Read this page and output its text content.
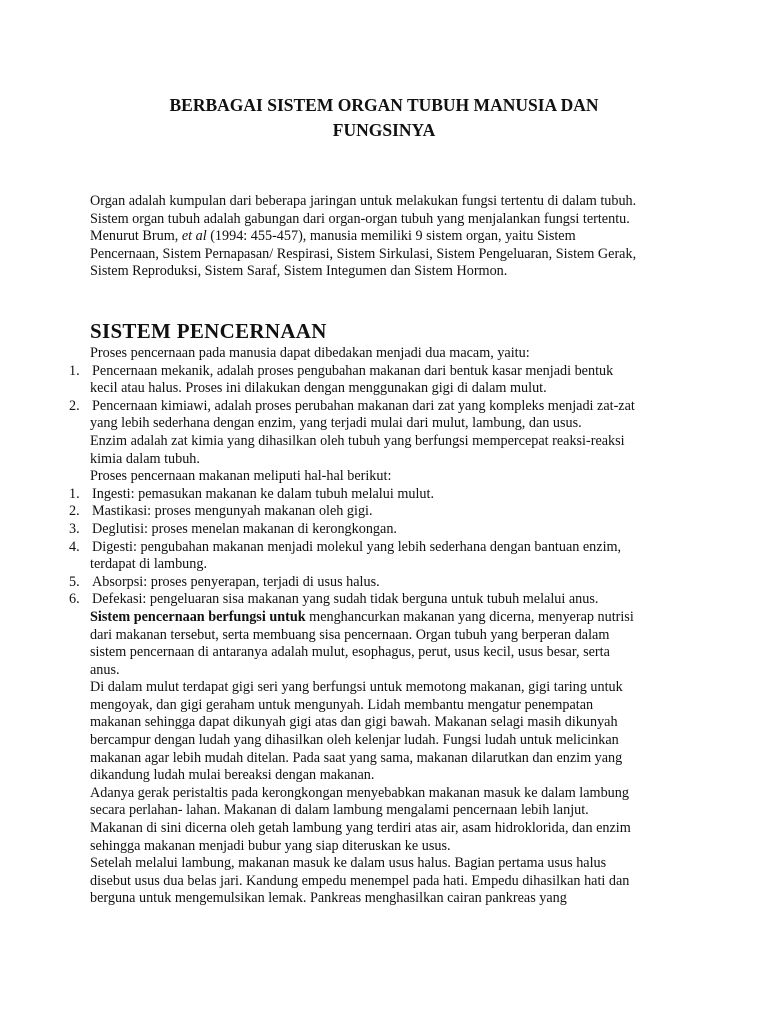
BERBAGAI SISTEM ORGAN TUBUH MANUSIA DAN
FUNGSINYA
Organ adalah kumpulan dari beberapa jaringan untuk melakukan fungsi tertentu di dalam tubuh.
Sistem organ tubuh adalah gabungan dari organ-organ tubuh yang menjalankan fungsi tertentu.
Menurut Brum, et al (1994: 455-457), manusia memiliki 9 sistem organ, yaitu Sistem
Pencernaan, Sistem Pernapasan/ Respirasi, Sistem Sirkulasi, Sistem Pengeluaran, Sistem Gerak,
Sistem Reproduksi, Sistem Saraf, Sistem Integumen dan Sistem Hormon.
SISTEM PENCERNAAN
Proses pencernaan pada manusia dapat dibedakan menjadi dua macam, yaitu:
1. Pencernaan mekanik, adalah proses pengubahan makanan dari bentuk kasar menjadi bentuk
kecil atau halus. Proses ini dilakukan dengan menggunakan gigi di dalam mulut.
2. Pencernaan kimiawi, adalah proses perubahan makanan dari zat yang kompleks menjadi zat-zat
yang lebih sederhana dengan enzim, yang terjadi mulai dari mulut, lambung, dan usus.
Enzim adalah zat kimia yang dihasilkan oleh tubuh yang berfungsi mempercepat reaksi-reaksi
kimia dalam tubuh.
Proses pencernaan makanan meliputi hal-hal berikut:
1. Ingesti: pemasukan makanan ke dalam tubuh melalui mulut.
2. Mastikasi: proses mengunyah makanan oleh gigi.
3. Deglutisi: proses menelan makanan di kerongkongan.
4. Digesti: pengubahan makanan menjadi molekul yang lebih sederhana dengan bantuan enzim,
terdapat di lambung.
5. Absorpsi: proses penyerapan, terjadi di usus halus.
6. Defekasi: pengeluaran sisa makanan yang sudah tidak berguna untuk tubuh melalui anus.
Sistem pencernaan berfungsi untuk menghancurkan makanan yang dicerna, menyerap nutrisi
dari makanan tersebut, serta membuang sisa pencernaan. Organ tubuh yang berperan dalam
sistem pencernaan di antaranya adalah mulut, esophagus, perut, usus kecil, usus besar, serta
anus.
Di dalam mulut terdapat gigi seri yang berfungsi untuk memotong makanan, gigi taring untuk
mengoyak, dan gigi geraham untuk mengunyah. Lidah membantu mengatur penempatan
makanan sehingga dapat dikunyah gigi atas dan gigi bawah. Makanan selagi masih dikunyah
bercampur dengan ludah yang dihasilkan oleh kelenjar ludah. Fungsi ludah untuk melicinkan
makanan agar lebih mudah ditelan. Pada saat yang sama, makanan dilarutkan dan enzim yang
dikandung ludah mulai bereaksi dengan makanan.
Adanya gerak peristaltis pada kerongkongan menyebabkan makanan masuk ke dalam lambung
secara perlahan- lahan. Makanan di dalam lambung mengalami pencernaan lebih lanjut.
Makanan di sini dicerna oleh getah lambung yang terdiri atas air, asam hidroklorida, dan enzim
sehingga makanan menjadi bubur yang siap diteruskan ke usus.
Setelah melalui lambung, makanan masuk ke dalam usus halus. Bagian pertama usus halus
disebut usus dua belas jari. Kandung empedu menempel pada hati. Empedu dihasilkan hati dan
berguna untuk mengemulsikan lemak. Pankreas menghasilkan cairan pankreas yang
